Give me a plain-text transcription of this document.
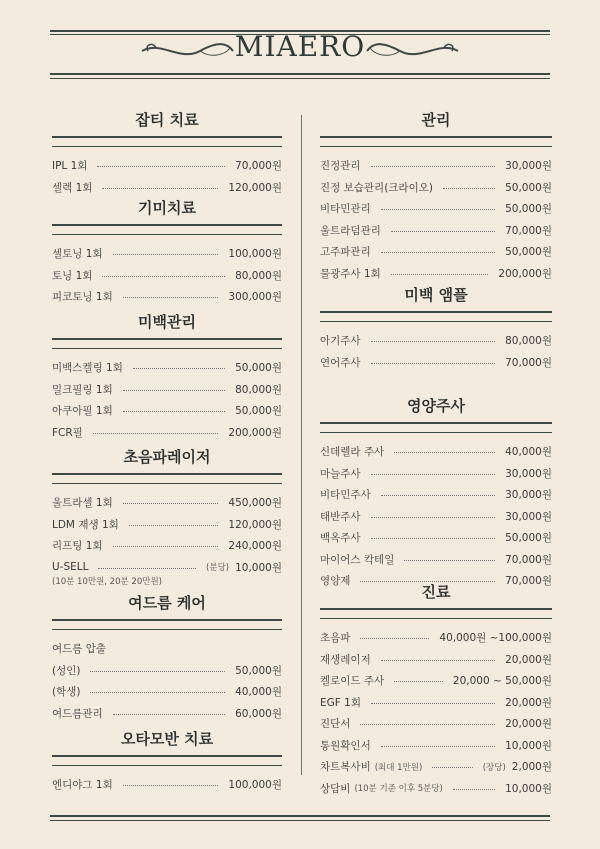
MIAERO
잡티 치료
IPL 1회	70,000원
셀렉 1회	120,000원
기미치료
셀토닝 1회	100,000원
토닝 1회	80,000원
피코토닝 1회	300,000원
미백관리
미백스켈링 1회	50,000원
밀크필링 1회	80,000원
아쿠아필 1회	50,000원
FCR필	200,000원
초음파레이저
울트라셀 1회	450,000원
LDM 재생 1회	120,000원
리프팅 1회	240,000원
U-SELL	(분당) 10,000원
(10분 10만원, 20분 20만원)
여드름 케어
여드름 압출
(성인)	50,000원
(학생)	40,000원
여드름관리	60,000원
오타모반 치료
엔디야그 1회	100,000원
관리
진정관리	30,000원
진정 보습관리(크라이오)	50,000원
비타민관리	50,000원
울트라덤관리	70,000원
고주파관리	50,000원
물광주사 1회	200,000원
미백 앰플
아기주사	80,000원
연어주사	70,000원
영양주사
신데렐라 주사	40,000원
마늘주사	30,000원
비타민주사	30,000원
태반주사	30,000원
백옥주사	50,000원
마이어스 칵테일	70,000원
영양제	70,000원
진료
초음파	40,000원 ~100,000원
재생레이저	20,000원
켈로이드 주사	20,000 ~ 50,000원
EGF 1회	20,000원
진단서	20,000원
통원확인서	10,000원
차트복사비 (최대 1만원)	(장당) 2,000원
상담비 (10분 기준 이후 5분당)	10,000원
